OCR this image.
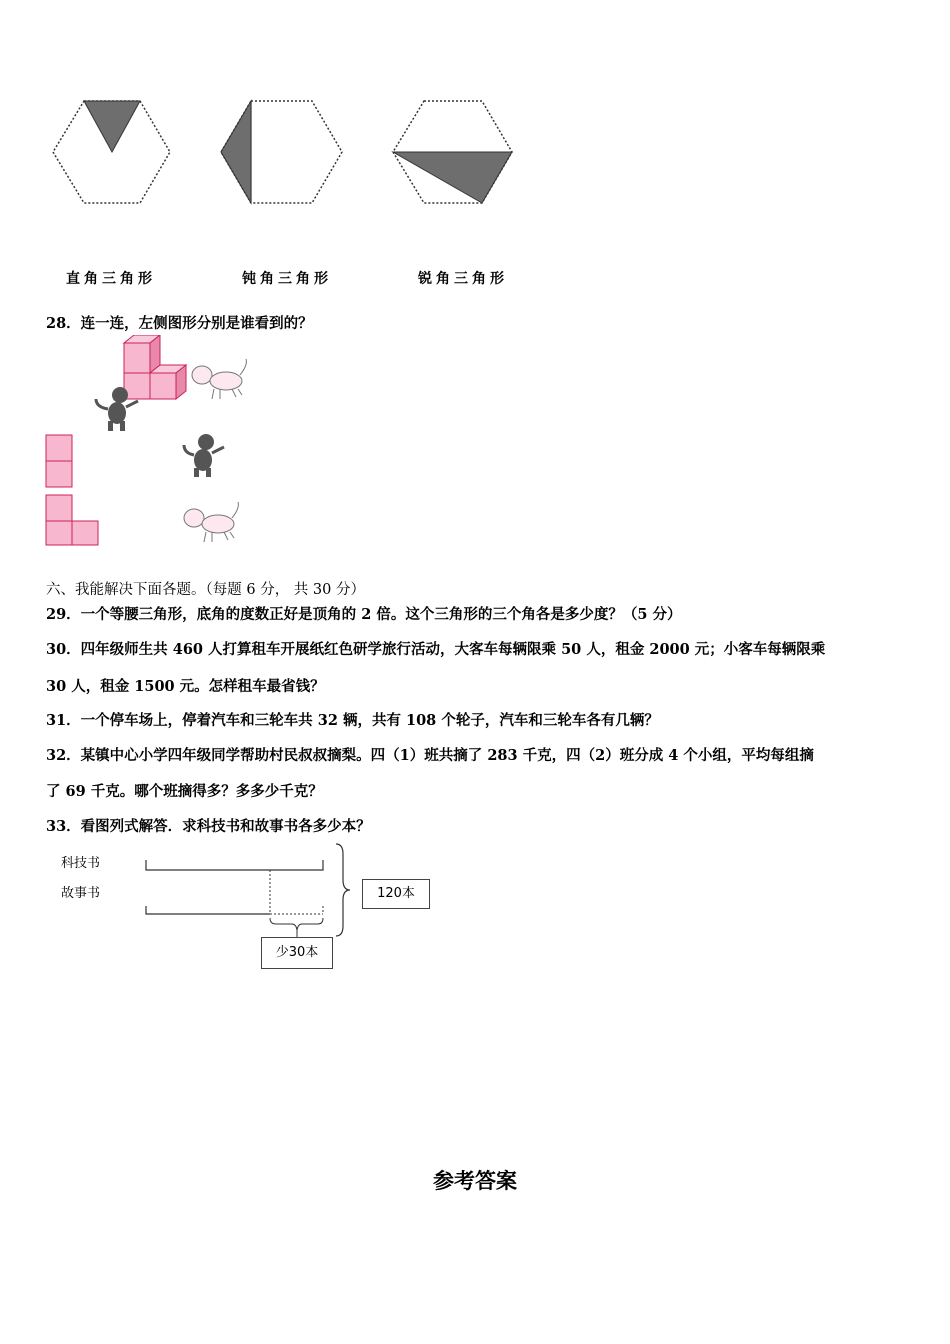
直角三角形	钝角三角形	锐角三角形
28．连一连，左侧图形分别是谁看到的？
六、我能解决下面各题。（每题 6 分， 共 30 分）
29．一个等腰三角形，底角的度数正好是顶角的 2 倍。这个三角形的三个角各是多少度？（5 分）
30．四年级师生共 460 人打算租车开展纸红色研学旅行活动，大客车每辆限乘 50 人，租金 2000 元；小客车每辆限乘
30 人，租金 1500 元。怎样租车最省钱？
31．一个停车场上，停着汽车和三轮车共 32 辆，共有 108 个轮子，汽车和三轮车各有几辆？
32．某镇中心小学四年级同学帮助村民叔叔摘梨。四（1）班共摘了 283 千克，四（2）班分成 4 个小组，平均每组摘
了 69 千克。哪个班摘得多？多多少千克？
33．看图列式解答．求科技书和故事书各多少本？
科技书
故事书	120本
少30本
参考答案
